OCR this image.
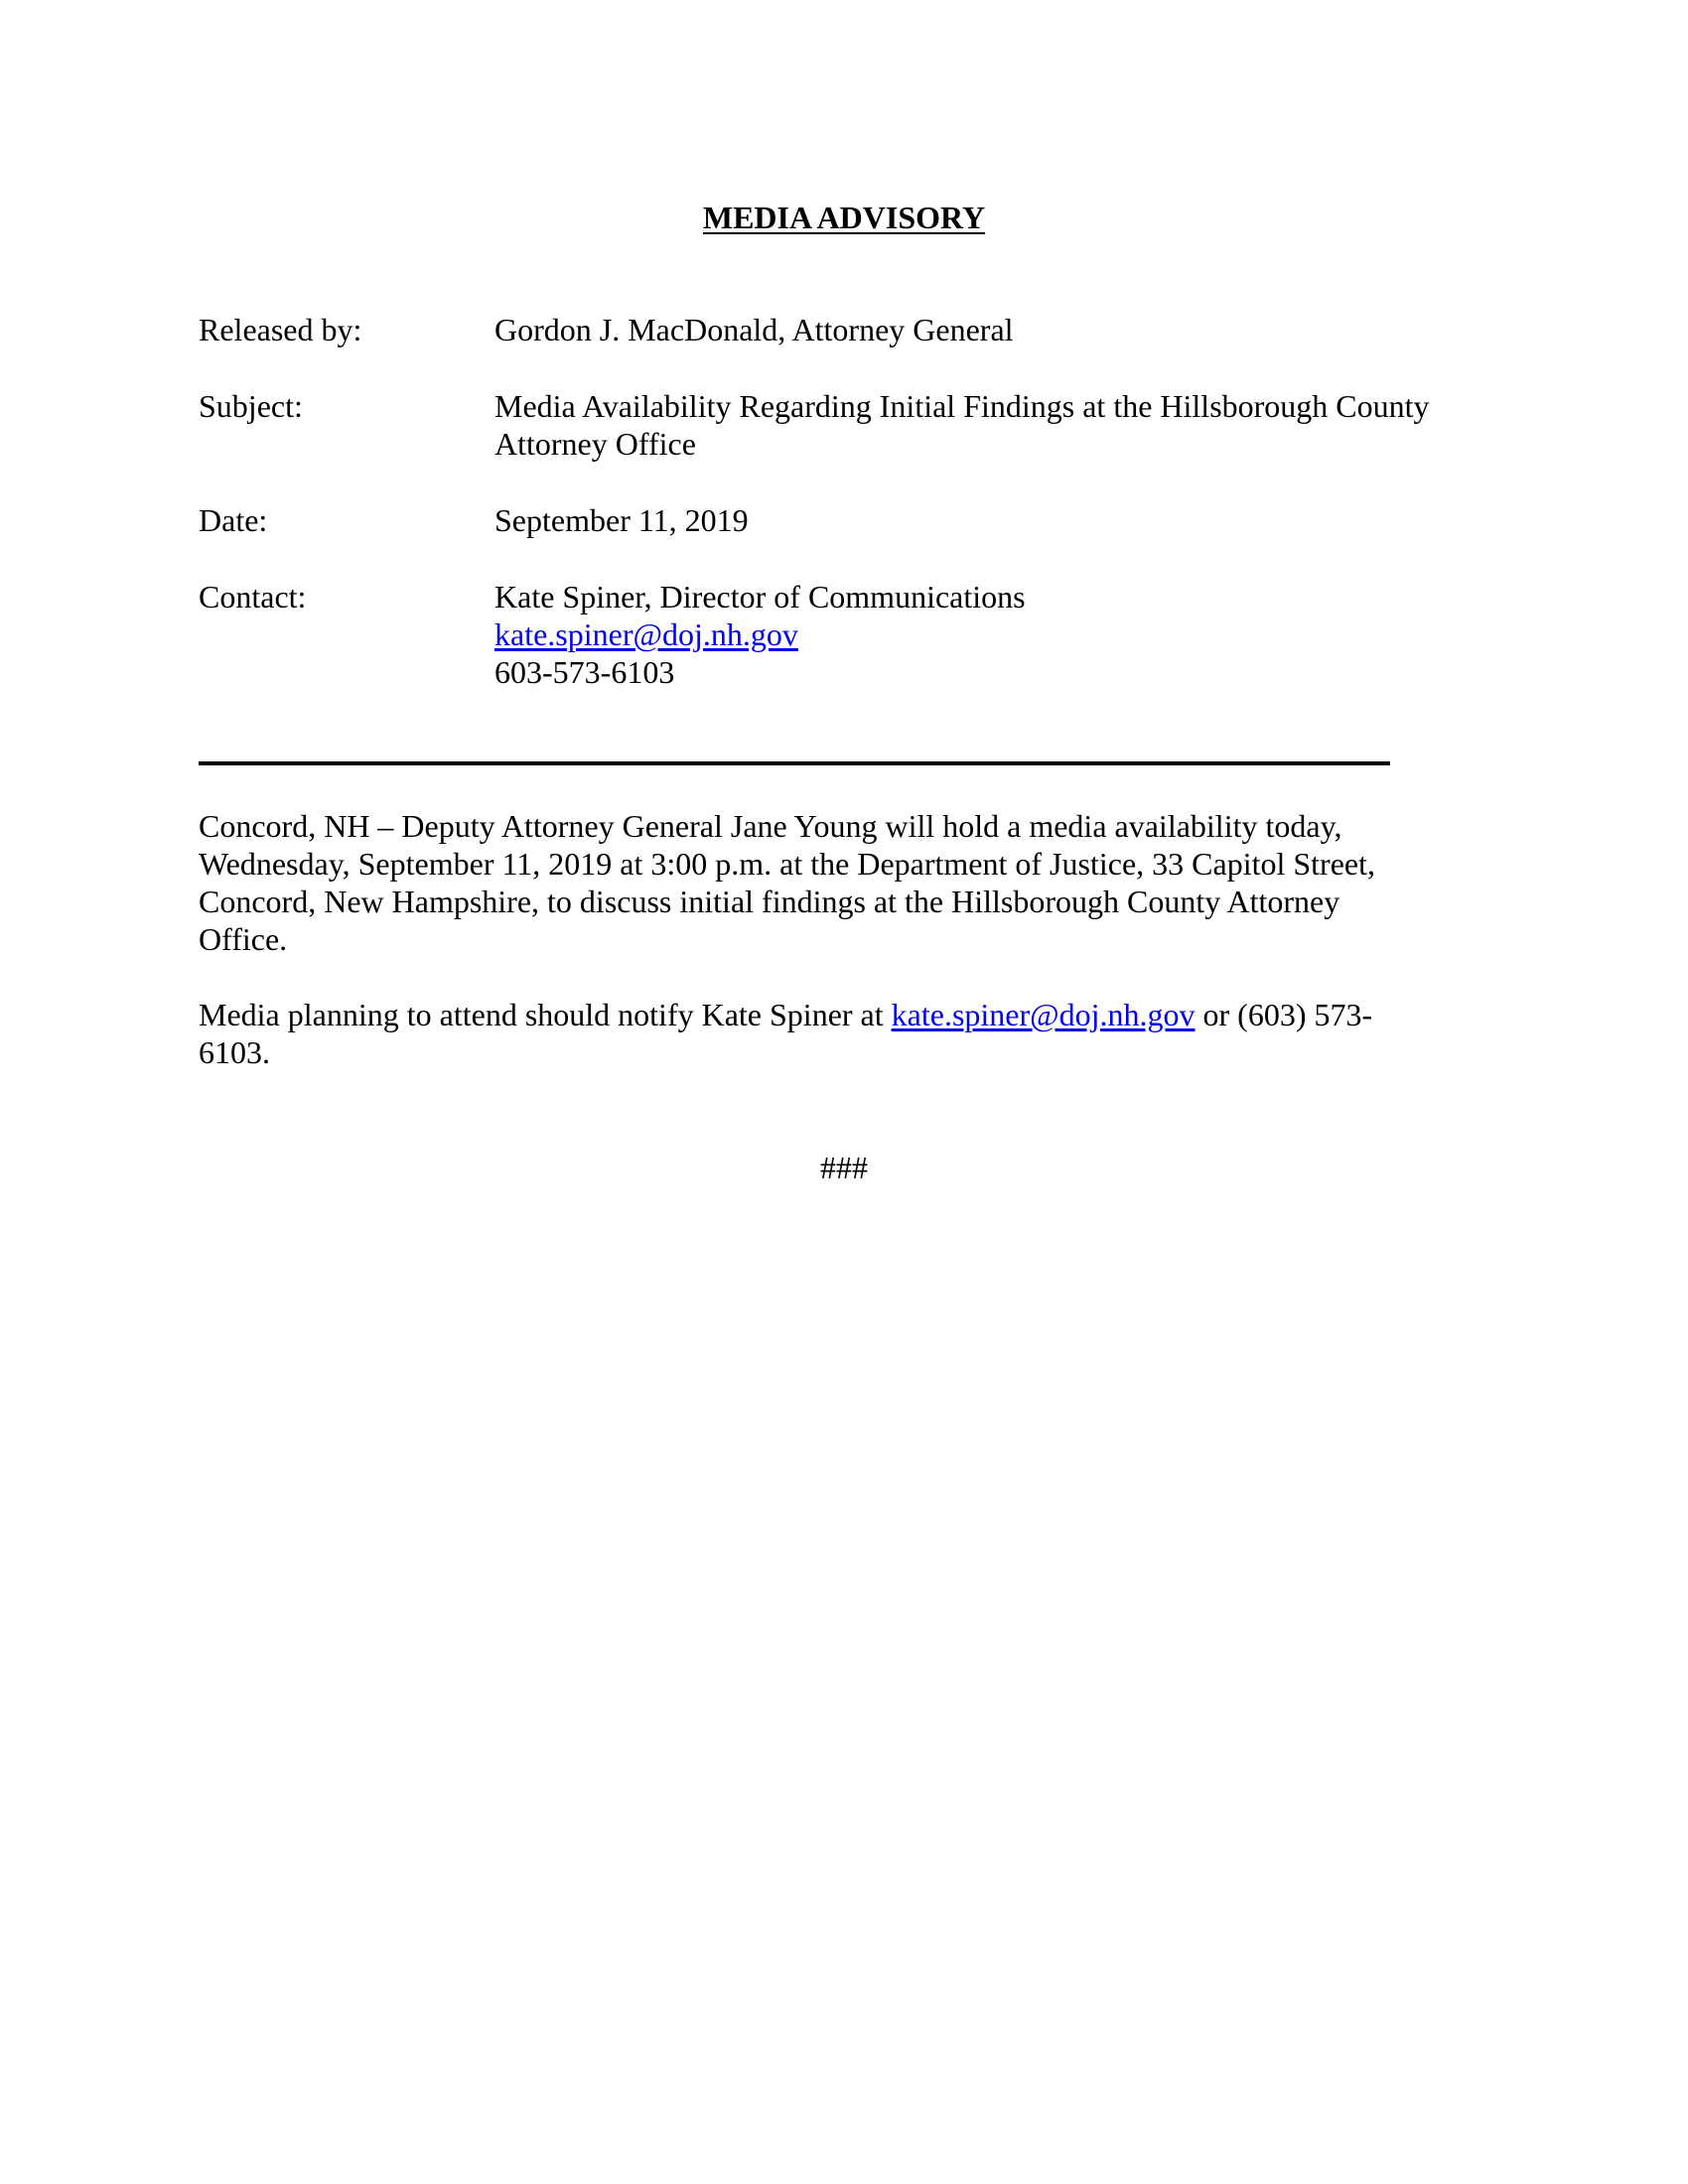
MEDIA ADVISORY
Released by:	Gordon J. MacDonald, Attorney General
Subject:	Media Availability Regarding Initial Findings at the Hillsborough County
Attorney Office
Date:	September 11, 2019
Contact:	Kate Spiner, Director of Communications
kate.spiner@doj.nh.gov
603-573-6103
Concord, NH – Deputy Attorney General Jane Young will hold a media availability today,
Wednesday, September 11, 2019 at 3:00 p.m. at the Department of Justice, 33 Capitol Street,
Concord, New Hampshire, to discuss initial findings at the Hillsborough County Attorney
Office.
Media planning to attend should notify Kate Spiner at kate.spiner@doj.nh.gov or (603) 573-
6103.
###
